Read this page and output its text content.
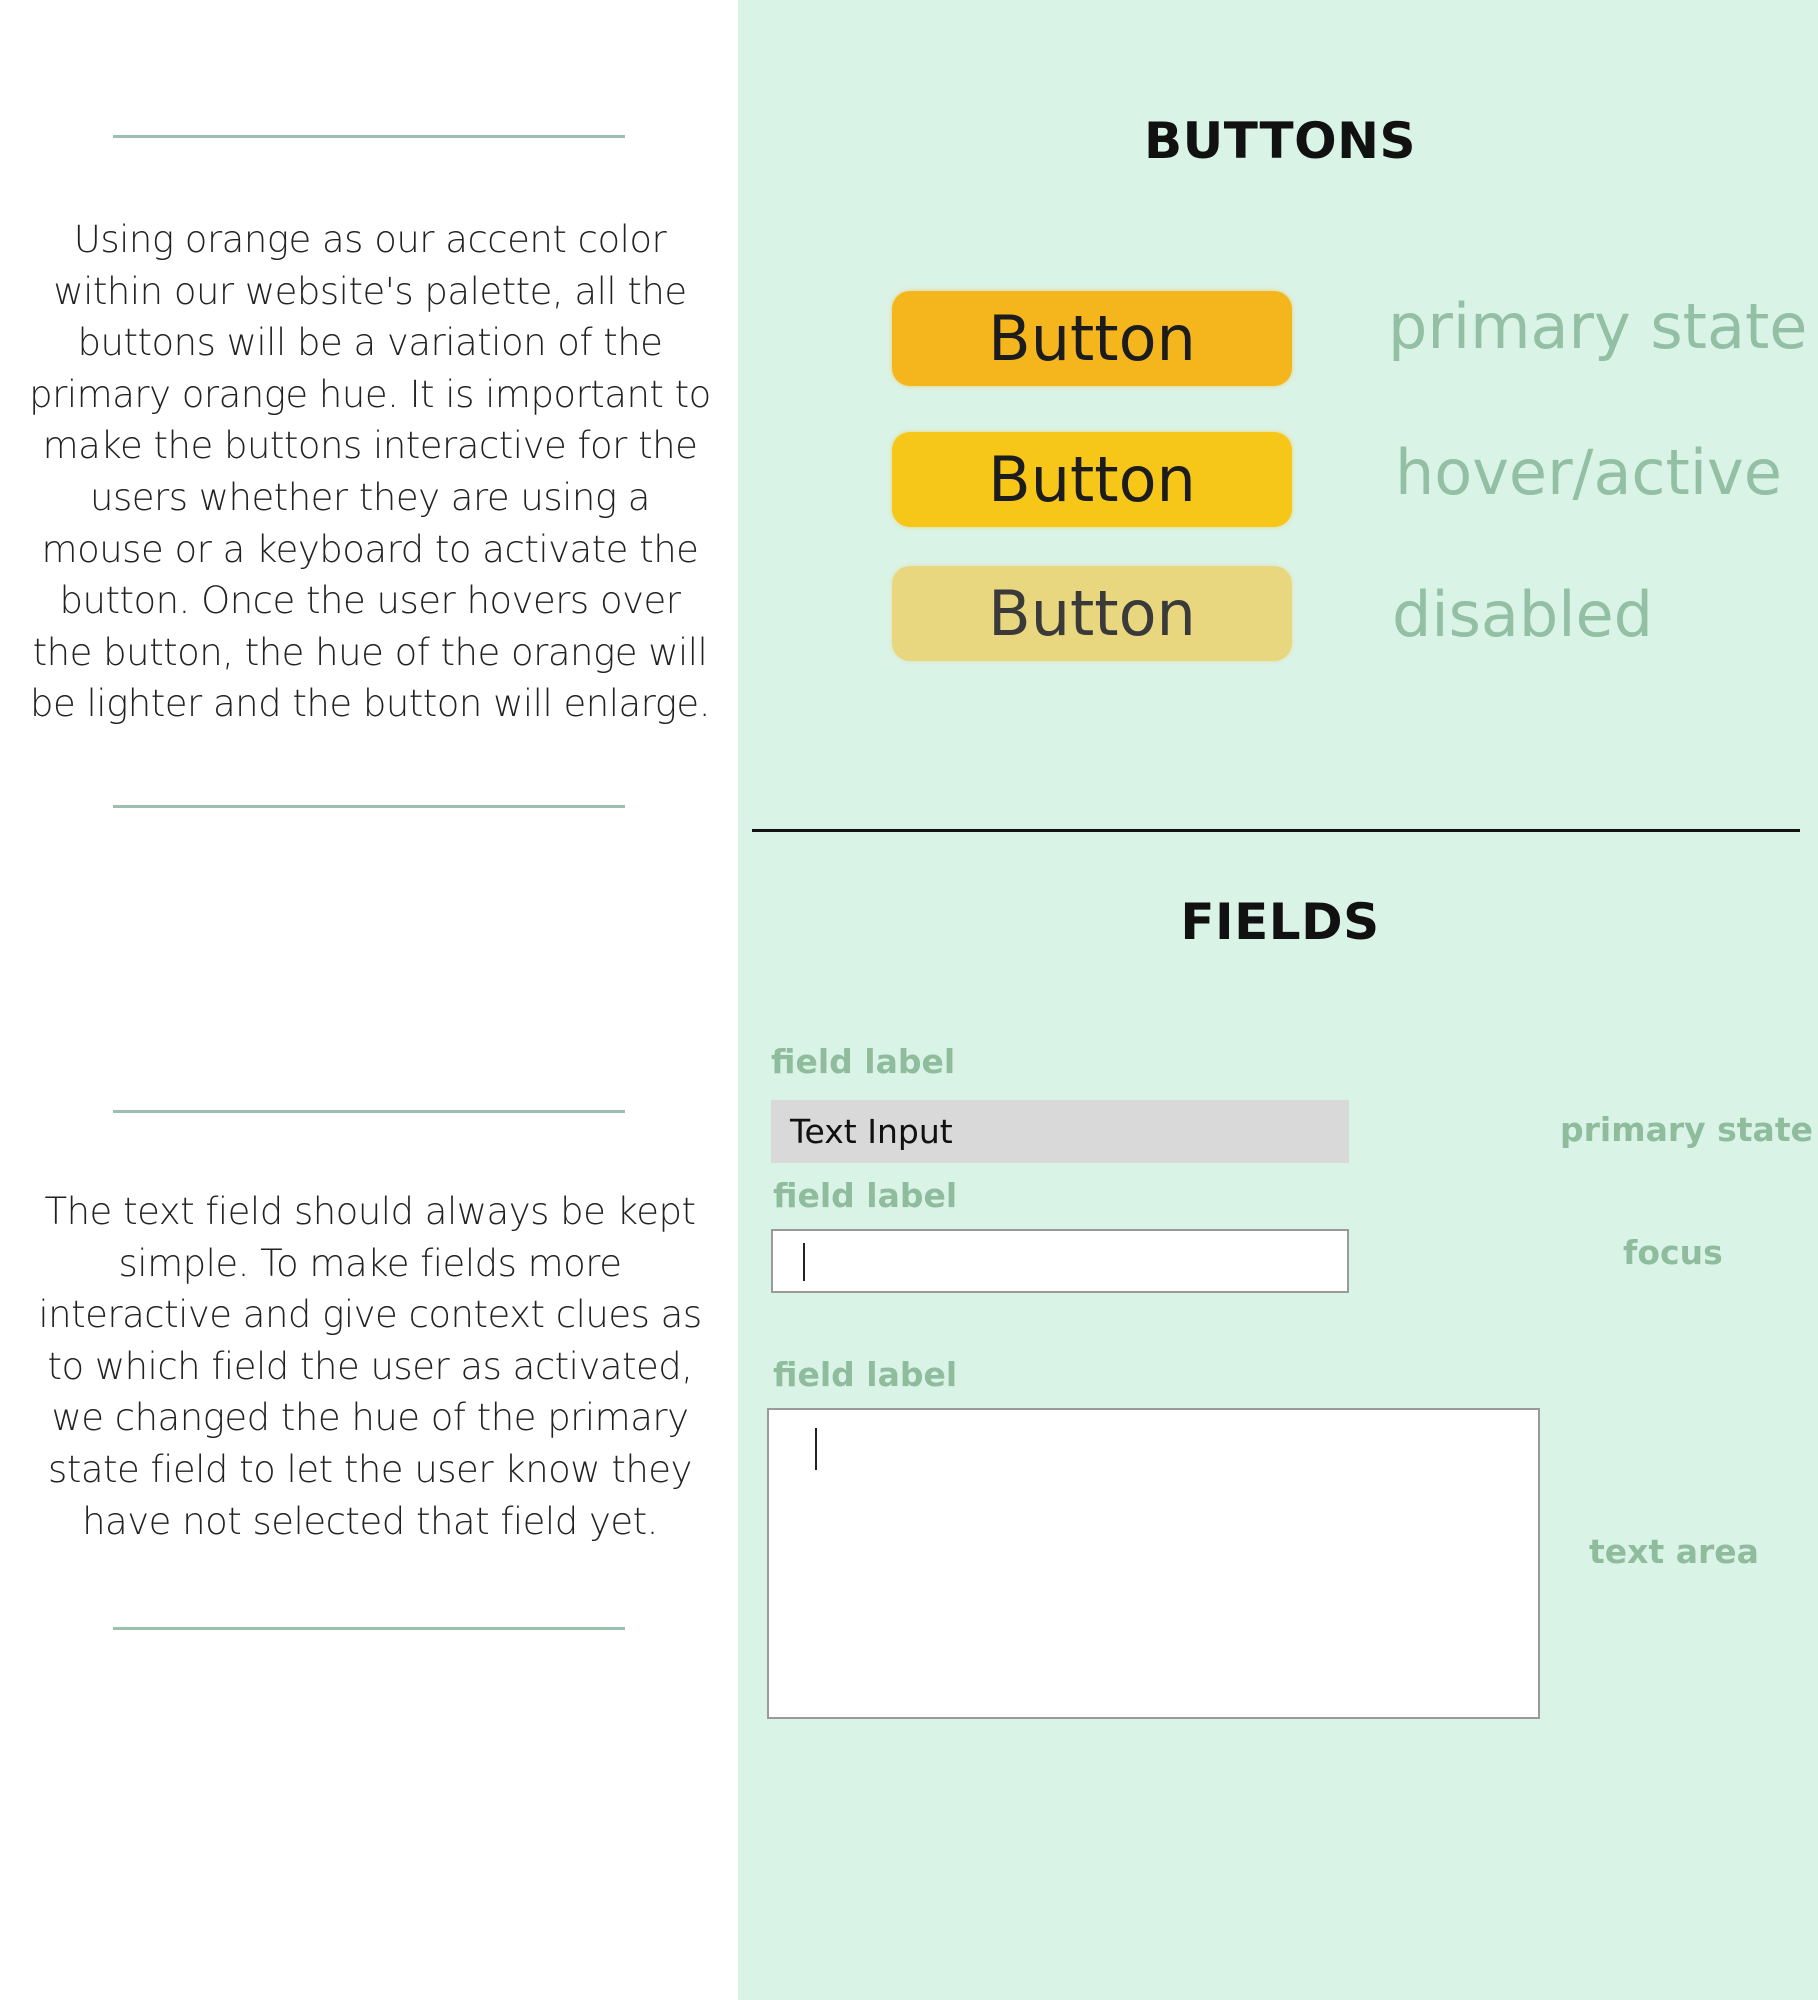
Using orange as our accent color within our website's palette, all the buttons will be a variation of the primary orange hue. It is important to make the buttons interactive for the users whether they are using a mouse or a keyboard to activate the button. Once the user hovers over the button, the hue of the orange will be lighter and the button will enlarge.
The text field should always be kept simple. To make fields more interactive and give context clues as to which field the user as activated, we changed the hue of the primary state field to let the user know they have not selected that field yet.
BUTTONS
Button	primary state
Button	hover/active
Button	disabled
FIELDS
field label
Text Input	primary state
field label
focus
field label
text area
